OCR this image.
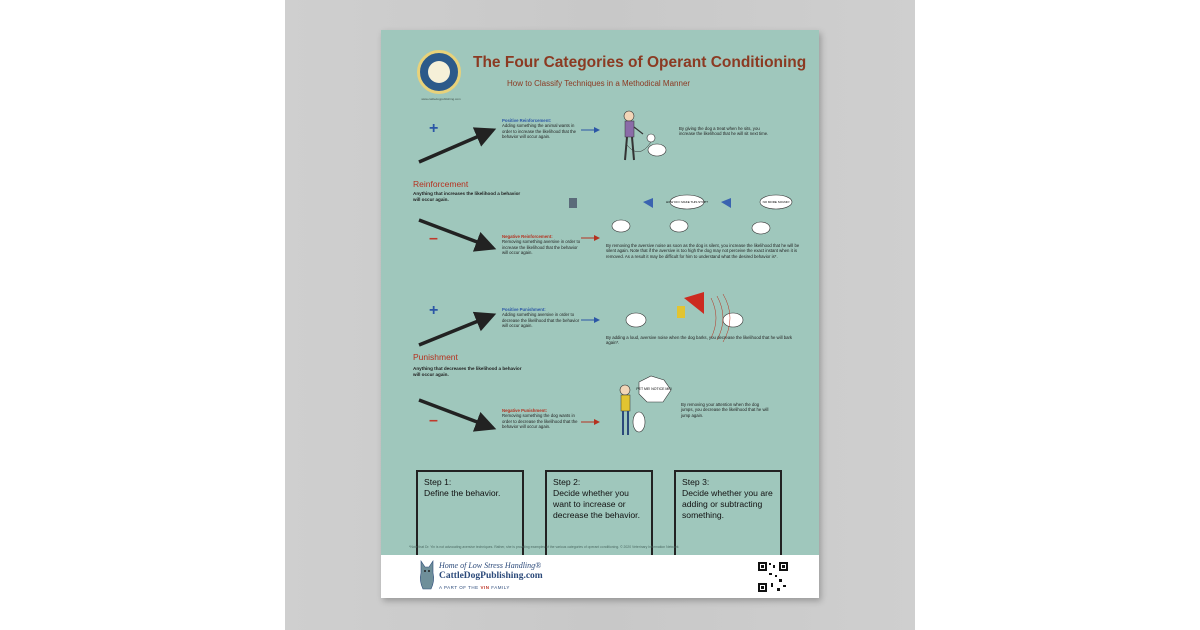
www.cattledogpublishing.com
The Four Categories of Operant Conditioning
How to Classify Techniques in a Methodical Manner
+
–
+
–
Reinforcement
Anything that increases the likelihood a behavior will occur again.
Punishment
Anything that decreases the likelihood a behavior will occur again.
Positive Reinforcement:
Adding something the animal wants in order to increase the likelihood that the behavior will occur again.
Negative Reinforcement:
Removing something aversive in order to increase the likelihood that the behavior will occur again.
Positive Punishment:
Adding something aversive in order to decrease the likelihood that the behavior will occur again.
Negative Punishment:
Removing something the dog wants in order to decrease the likelihood that the behavior will occur again.
HOW DO I MAKE THIS STOP?	NO MORE SOUND!
PET ME! NOTICE ME!
By giving the dog a treat when he sits, you increase the likelihood that he will sit next time.
By removing the aversive noise as soon as the dog is silent, you increase the likelihood that he will be silent again. Note that if the aversive is too high the dog may not perceive the exact instant when it is removed. As a result it may be difficult for him to understand what the desired behavior is*.
By adding a loud, aversive noise when the dog barks, you decrease the likelihood that he will bark again*.
By removing your attention when the dog jumps, you decrease the likelihood that he will jump again.
Step 1:
Define the behavior.
Step 2:
Decide whether you want to increase or decrease the behavior.
Step 3:
Decide whether you are adding or subtracting something.
*Note that Dr. Yin is not advocating aversive techniques. Rather, she is providing examples of the various categories of operant conditioning. © 2020 Veterinary Information Network
Home of Low Stress Handling®
CattleDogPublishing.com
A PART OF THE VIN FAMILY
